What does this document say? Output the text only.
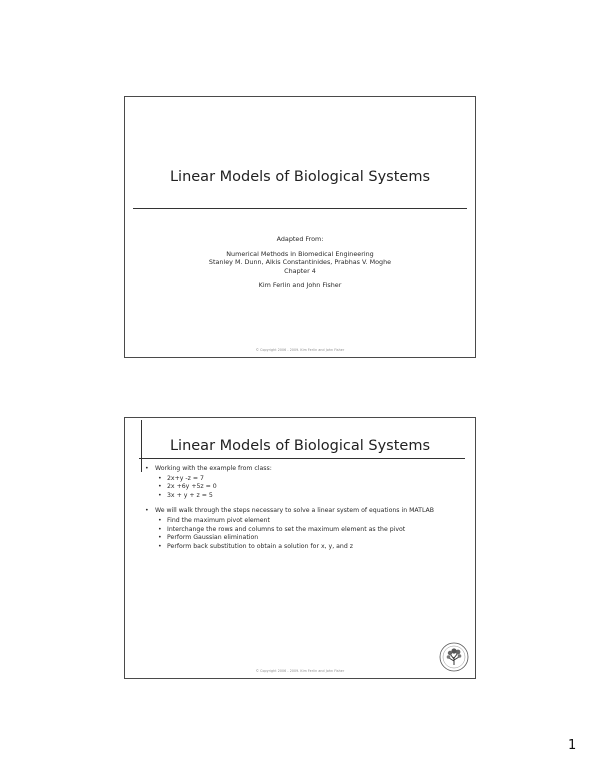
Linear Models of Biological Systems
Adapted From:
Numerical Methods in Biomedical Engineering
Stanley M. Dunn, Alkis Constantinides, Prabhas V. Moghe
Chapter 4
Kim Ferlin and John Fisher
© Copyright 2006 - 2009. Kim Ferlin and John Fisher
Linear Models of Biological Systems
• Working with the example from class:
• 2x+y -z = 7
• 2x +6y +5z = 0
• 3x + y + z = 5
• We will walk through the steps necessary to solve a linear system of equations in MATLAB
• Find the maximum pivot element
• Interchange the rows and columns to set the maximum element as the pivot
• Perform Gaussian elimination
• Perform back substitution to obtain a solution for x, y, and z
© Copyright 2006 - 2009. Kim Ferlin and John Fisher
1
